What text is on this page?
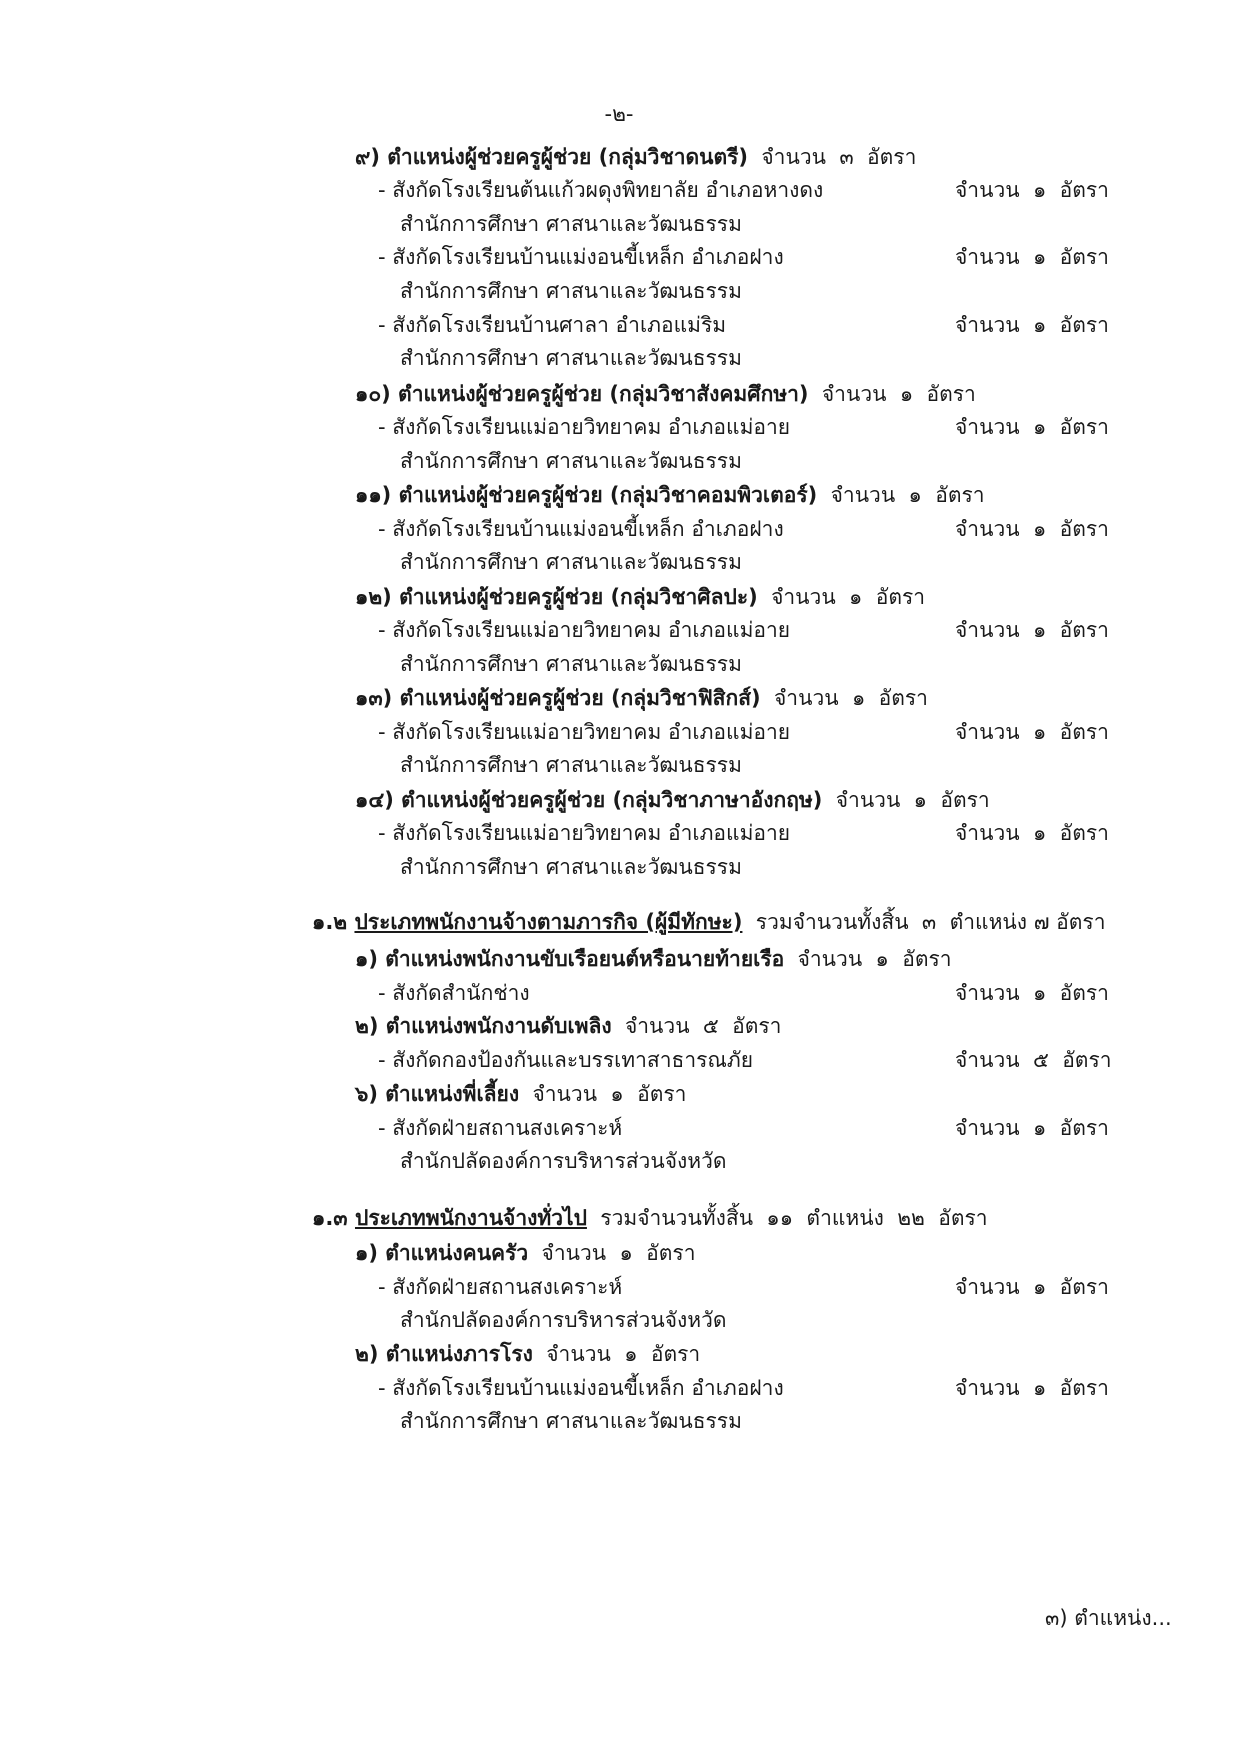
-๒-
๙) ตำแหน่งผู้ช่วยครูผู้ช่วย (กลุ่มวิชาดนตรี)  จำนวน  ๓  อัตรา
- สังกัดโรงเรียนต้นแก้วผดุงพิทยาลัย อำเภอหางดง	จำนวน  ๑  อัตรา
สำนักการศึกษา ศาสนาและวัฒนธรรม
- สังกัดโรงเรียนบ้านแม่งอนขี้เหล็ก อำเภอฝาง	จำนวน  ๑  อัตรา
สำนักการศึกษา ศาสนาและวัฒนธรรม
- สังกัดโรงเรียนบ้านศาลา อำเภอแม่ริม	จำนวน  ๑  อัตรา
สำนักการศึกษา ศาสนาและวัฒนธรรม
๑๐) ตำแหน่งผู้ช่วยครูผู้ช่วย (กลุ่มวิชาสังคมศึกษา)  จำนวน  ๑  อัตรา
- สังกัดโรงเรียนแม่อายวิทยาคม อำเภอแม่อาย	จำนวน  ๑  อัตรา
สำนักการศึกษา ศาสนาและวัฒนธรรม
๑๑) ตำแหน่งผู้ช่วยครูผู้ช่วย (กลุ่มวิชาคอมพิวเตอร์)  จำนวน  ๑  อัตรา
- สังกัดโรงเรียนบ้านแม่งอนขี้เหล็ก อำเภอฝาง	จำนวน  ๑  อัตรา
สำนักการศึกษา ศาสนาและวัฒนธรรม
๑๒) ตำแหน่งผู้ช่วยครูผู้ช่วย (กลุ่มวิชาศิลปะ)  จำนวน  ๑  อัตรา
- สังกัดโรงเรียนแม่อายวิทยาคม อำเภอแม่อาย	จำนวน  ๑  อัตรา
สำนักการศึกษา ศาสนาและวัฒนธรรม
๑๓) ตำแหน่งผู้ช่วยครูผู้ช่วย (กลุ่มวิชาฟิสิกส์)  จำนวน  ๑  อัตรา
- สังกัดโรงเรียนแม่อายวิทยาคม อำเภอแม่อาย	จำนวน  ๑  อัตรา
สำนักการศึกษา ศาสนาและวัฒนธรรม
๑๔) ตำแหน่งผู้ช่วยครูผู้ช่วย (กลุ่มวิชาภาษาอังกฤษ)  จำนวน  ๑  อัตรา
- สังกัดโรงเรียนแม่อายวิทยาคม อำเภอแม่อาย	จำนวน  ๑  อัตรา
สำนักการศึกษา ศาสนาและวัฒนธรรม
๑.๒ ประเภทพนักงานจ้างตามภารกิจ (ผู้มีทักษะ)  รวมจำนวนทั้งสิ้น  ๓  ตำแหน่ง ๗ อัตรา
๑) ตำแหน่งพนักงานขับเรือยนต์หรือนายท้ายเรือ  จำนวน  ๑  อัตรา
- สังกัดสำนักช่าง	จำนวน  ๑  อัตรา
๒) ตำแหน่งพนักงานดับเพลิง  จำนวน  ๕  อัตรา
- สังกัดกองป้องกันและบรรเทาสาธารณภัย	จำนวน  ๕  อัตรา
๖) ตำแหน่งพี่เลี้ยง  จำนวน  ๑  อัตรา
- สังกัดฝ่ายสถานสงเคราะห์	จำนวน  ๑  อัตรา
สำนักปลัดองค์การบริหารส่วนจังหวัด
๑.๓ ประเภทพนักงานจ้างทั่วไป  รวมจำนวนทั้งสิ้น  ๑๑  ตำแหน่ง  ๒๒  อัตรา
๑) ตำแหน่งคนครัว  จำนวน  ๑  อัตรา
- สังกัดฝ่ายสถานสงเคราะห์	จำนวน  ๑  อัตรา
สำนักปลัดองค์การบริหารส่วนจังหวัด
๒) ตำแหน่งภารโรง  จำนวน  ๑  อัตรา
- สังกัดโรงเรียนบ้านแม่งอนขี้เหล็ก อำเภอฝาง	จำนวน  ๑  อัตรา
สำนักการศึกษา ศาสนาและวัฒนธรรม
๓) ตำแหน่ง...
